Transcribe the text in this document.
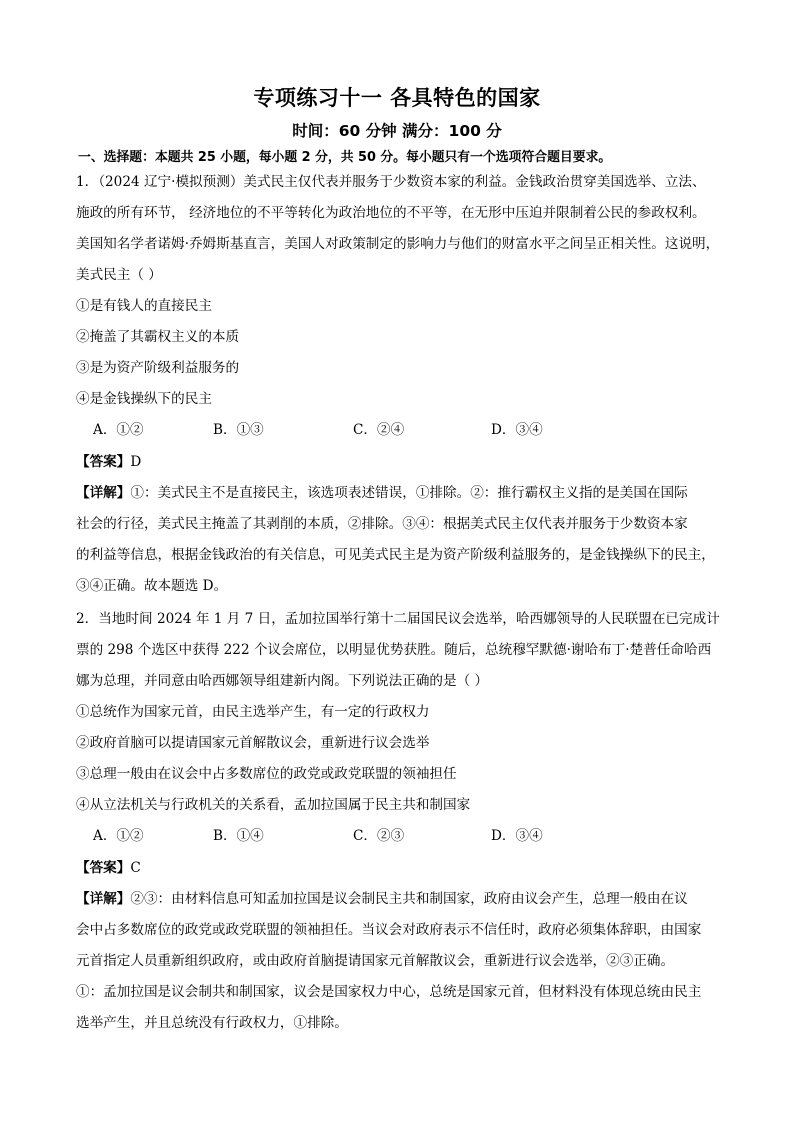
专项练习十一 各具特色的国家
时间：60 分钟 满分：100 分
一、选择题：本题共 25 小题，每小题 2 分，共 50 分。每小题只有一个选项符合题目要求。
1．（2024 辽宁·模拟预测）美式民主仅代表并服务于少数资本家的利益。金钱政治贯穿美国选举、立法、
施政的所有环节， 经济地位的不平等转化为政治地位的不平等，在无形中压迫并限制着公民的参政权利。
美国知名学者诺姆·乔姆斯基直言，美国人对政策制定的影响力与他们的财富水平之间呈正相关性。这说明，
美式民主（ ）
①是有钱人的直接民主
②掩盖了其霸权主义的本质
③是为资产阶级利益服务的
④是金钱操纵下的民主
A．①②	B．①③	C．②④	D．③④
【答案】D
【详解】①：美式民主不是直接民主，该选项表述错误，①排除。②：推行霸权主义指的是美国在国际
社会的行径，美式民主掩盖了其剥削的本质，②排除。③④：根据美式民主仅代表并服务于少数资本家
的利益等信息，根据金钱政治的有关信息，可见美式民主是为资产阶级利益服务的，是金钱操纵下的民主，
③④正确。故本题选 D。
2．当地时间 2024 年 1 月 7 日，孟加拉国举行第十二届国民议会选举，哈西娜领导的人民联盟在已完成计
票的 298 个选区中获得 222 个议会席位，以明显优势获胜。随后，总统穆罕默德·谢哈布丁·楚普任命哈西
娜为总理，并同意由哈西娜领导组建新内阁。下列说法正确的是（ ）
①总统作为国家元首，由民主选举产生，有一定的行政权力
②政府首脑可以提请国家元首解散议会，重新进行议会选举
③总理一般由在议会中占多数席位的政党或政党联盟的领袖担任
④从立法机关与行政机关的关系看，孟加拉国属于民主共和制国家
A．①②	B．①④	C．②③	D．③④
【答案】C
【详解】②③：由材料信息可知孟加拉国是议会制民主共和制国家，政府由议会产生，总理一般由在议
会中占多数席位的政党或政党联盟的领袖担任。当议会对政府表示不信任时，政府必须集体辞职，由国家
元首指定人员重新组织政府，或由政府首脑提请国家元首解散议会，重新进行议会选举，②③正确。
①：孟加拉国是议会制共和制国家，议会是国家权力中心，总统是国家元首，但材料没有体现总统由民主
选举产生，并且总统没有行政权力，①排除。
